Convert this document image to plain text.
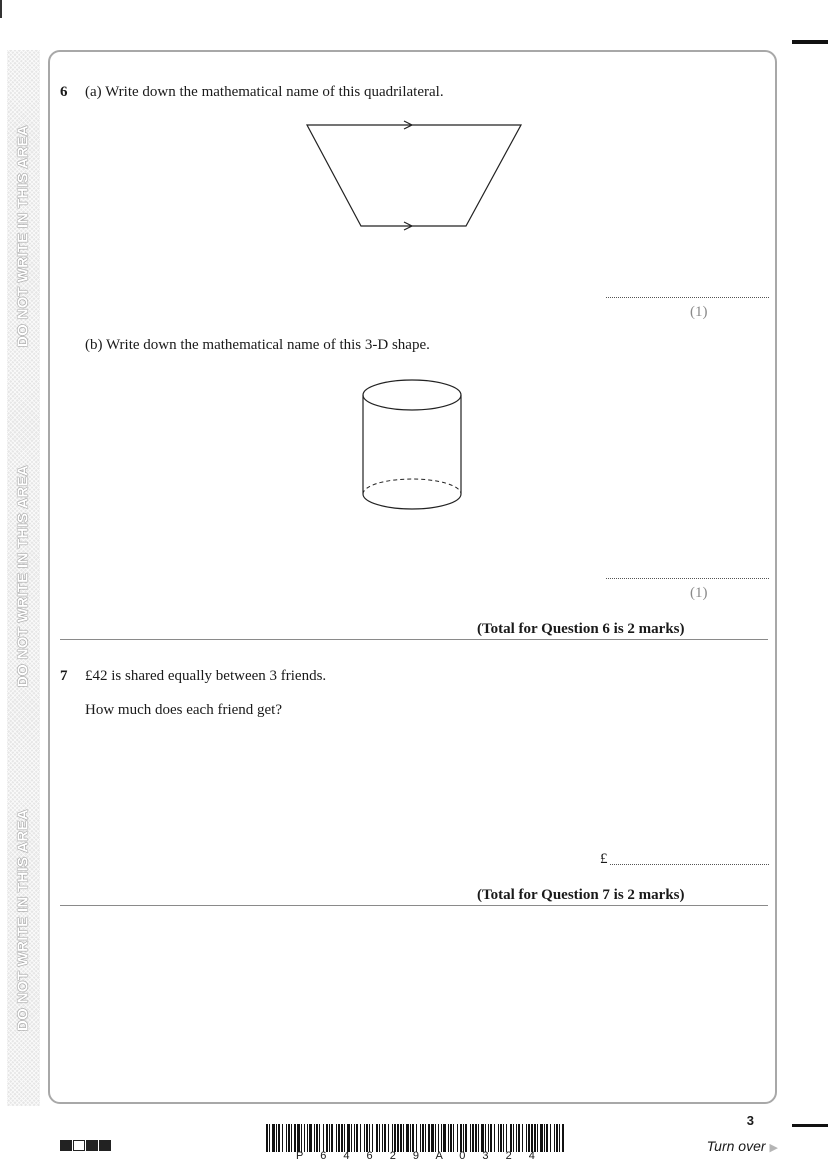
DO NOT WRITE IN THIS AREA
DO NOT WRITE IN THIS AREA
DO NOT WRITE IN THIS AREA
6 (a) Write down the mathematical name of this quadrilateral.
(1)
(b) Write down the mathematical name of this 3-D shape.
(1)
(Total for Question 6 is 2 marks)
7 £42 is shared equally between 3 friends.
How much does each friend get?
£
(Total for Question 7 is 2 marks)
3
P 6 4 6 2 9 A 0 3 2 4
Turn over ▶
